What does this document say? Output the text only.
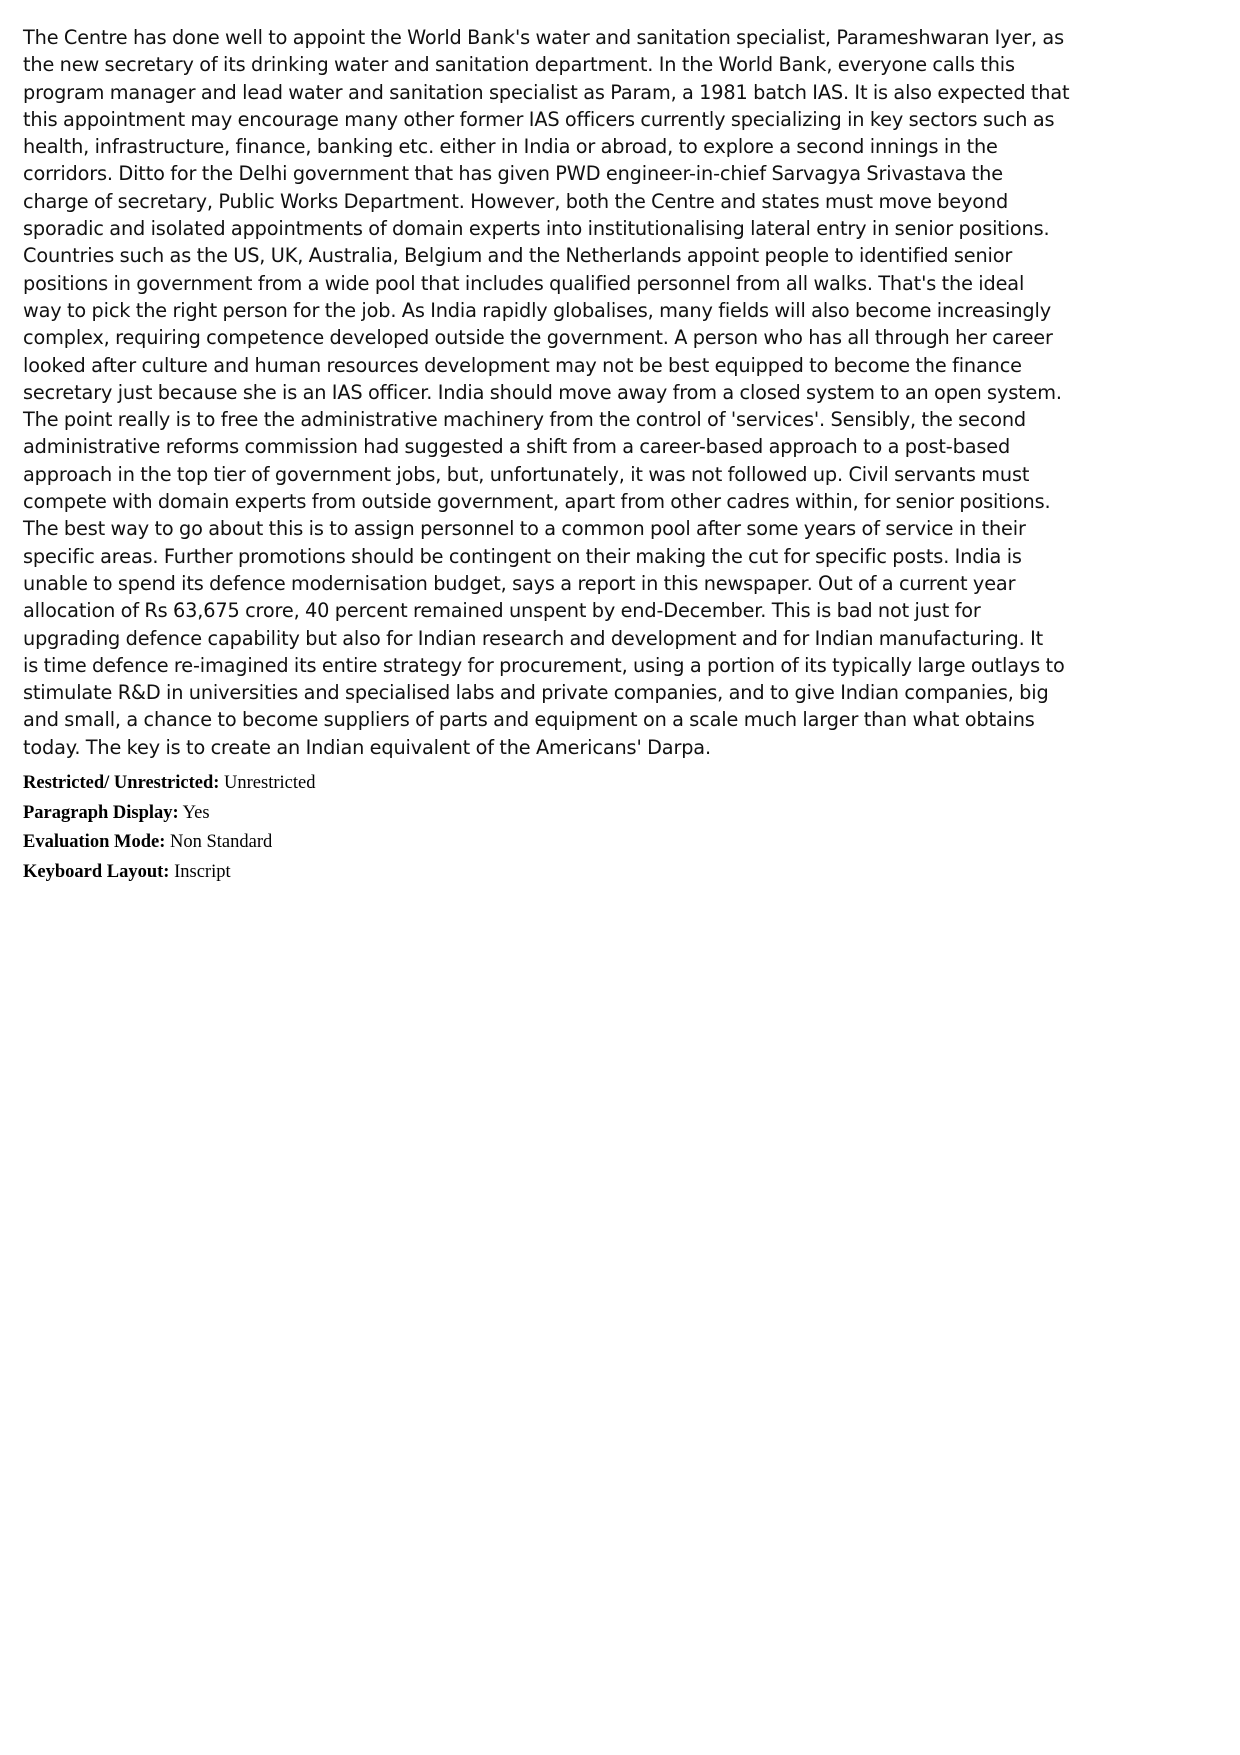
The Centre has done well to appoint the World Bank's water and sanitation specialist, Parameshwaran Iyer, as
the new secretary of its drinking water and sanitation department. In the World Bank, everyone calls this
program manager and lead water and sanitation specialist as Param, a 1981 batch IAS. It is also expected that
this appointment may encourage many other former IAS officers currently specializing in key sectors such as
health, infrastructure, finance, banking etc. either in India or abroad, to explore a second innings in the
corridors. Ditto for the Delhi government that has given PWD engineer-in-chief Sarvagya Srivastava the
charge of secretary, Public Works Department. However, both the Centre and states must move beyond
sporadic and isolated appointments of domain experts into institutionalising lateral entry in senior positions.
Countries such as the US, UK, Australia, Belgium and the Netherlands appoint people to identified senior
positions in government from a wide pool that includes qualified personnel from all walks. That's the ideal
way to pick the right person for the job. As India rapidly globalises, many fields will also become increasingly
complex, requiring competence developed outside the government. A person who has all through her career
looked after culture and human resources development may not be best equipped to become the finance
secretary just because she is an IAS officer. India should move away from a closed system to an open system.
The point really is to free the administrative machinery from the control of 'services'. Sensibly, the second
administrative reforms commission had suggested a shift from a career-based approach to a post-based
approach in the top tier of government jobs, but, unfortunately, it was not followed up. Civil servants must
compete with domain experts from outside government, apart from other cadres within, for senior positions.
The best way to go about this is to assign personnel to a common pool after some years of service in their
specific areas. Further promotions should be contingent on their making the cut for specific posts. India is
unable to spend its defence modernisation budget, says a report in this newspaper. Out of a current year
allocation of Rs 63,675 crore, 40 percent remained unspent by end-December. This is bad not just for
upgrading defence capability but also for Indian research and development and for Indian manufacturing. It
is time defence re-imagined its entire strategy for procurement, using a portion of its typically large outlays to
stimulate R&D in universities and specialised labs and private companies, and to give Indian companies, big
and small, a chance to become suppliers of parts and equipment on a scale much larger than what obtains
today. The key is to create an Indian equivalent of the Americans' Darpa.
Restricted/ Unrestricted: Unrestricted
Paragraph Display: Yes
Evaluation Mode: Non Standard
Keyboard Layout: Inscript
